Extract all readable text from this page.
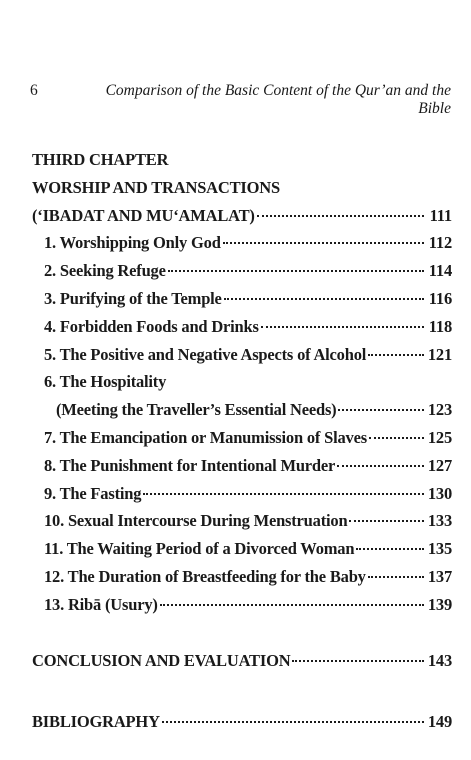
6	Comparison of the Basic Content of the Qur’an and the Bible
THIRD CHAPTER
WORSHIP AND TRANSACTIONS
(‘IBADAT AND MU‘AMALAT)	111
1. Worshipping Only God	112
2. Seeking Refuge	114
3. Purifying of the Temple	116
4. Forbidden Foods and Drinks	118
5. The Positive and Negative Aspects of Alcohol	121
6. The Hospitality
(Meeting the Traveller’s Essential Needs)	123
7. The Emancipation or Manumission of Slaves	125
8. The Punishment for Intentional Murder	127
9. The Fasting	130
10. Sexual Intercourse During Menstruation	133
11. The Waiting Period of a Divorced Woman	135
12. The Duration of Breastfeeding for the Baby	137
13. Ribā (Usury)	139
CONCLUSION AND EVALUATION	143
BIBLIOGRAPHY	149
